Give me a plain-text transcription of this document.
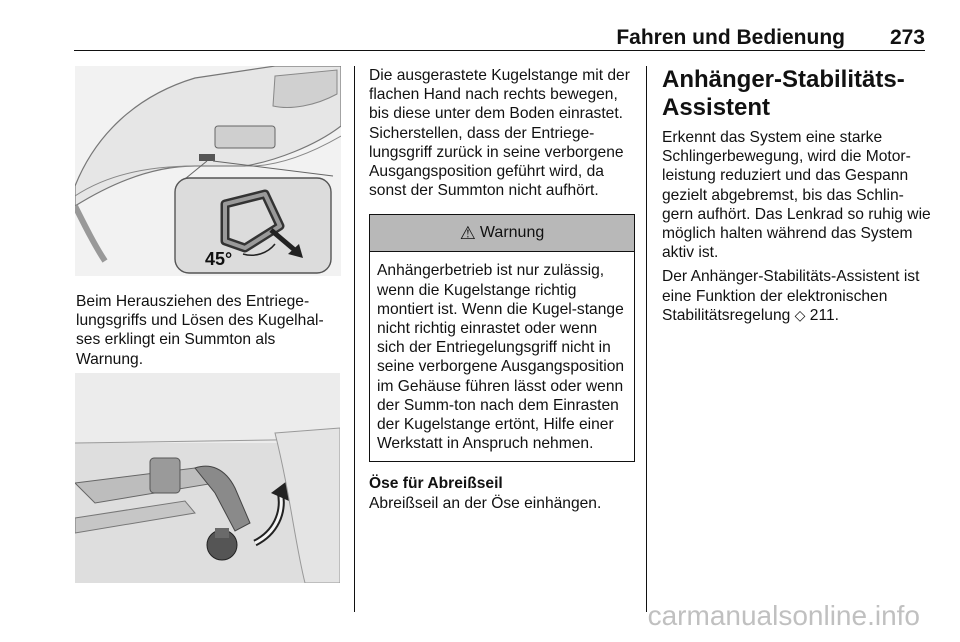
Fahren und Bedienung 273
45°
Beim Herausziehen des Entriege-lungsgriffs und Lösen des Kugelhal-ses erklingt ein Summton als Warnung.

Die ausgerastete Kugelstange mit der flachen Hand nach rechts bewegen, bis diese unter dem Boden einrastet. Sicherstellen, dass der Entriege-lungsgriff zurück in seine verborgene Ausgangsposition geführt wird, da sonst der Summton nicht aufhört.

⚠ Warnung
Anhängerbetrieb ist nur zulässig, wenn die Kugelstange richtig montiert ist. Wenn die Kugel-stange nicht richtig einrastet oder wenn sich der Entriegelungsgriff nicht in seine verborgene Ausgangsposition im Gehäuse führen lässt oder wenn der Summ-ton nach dem Einrasten der Kugelstange ertönt, Hilfe einer Werkstatt in Anspruch nehmen.
Öse für Abreißseil

Abreißseil an der Öse einhängen.

Anhänger-Stabilitäts-Assistent

Erkennt das System eine starke Schlingerbewegung, wird die Motor-leistung reduziert und das Gespann gezielt abgebremst, bis das Schlin-gern aufhört. Das Lenkrad so ruhig wie möglich halten während das System aktiv ist.

Der Anhänger-Stabilitäts-Assistent ist eine Funktion der elektronischen Stabilitätsregelung ◇ 211.

carmanualsonline.info
